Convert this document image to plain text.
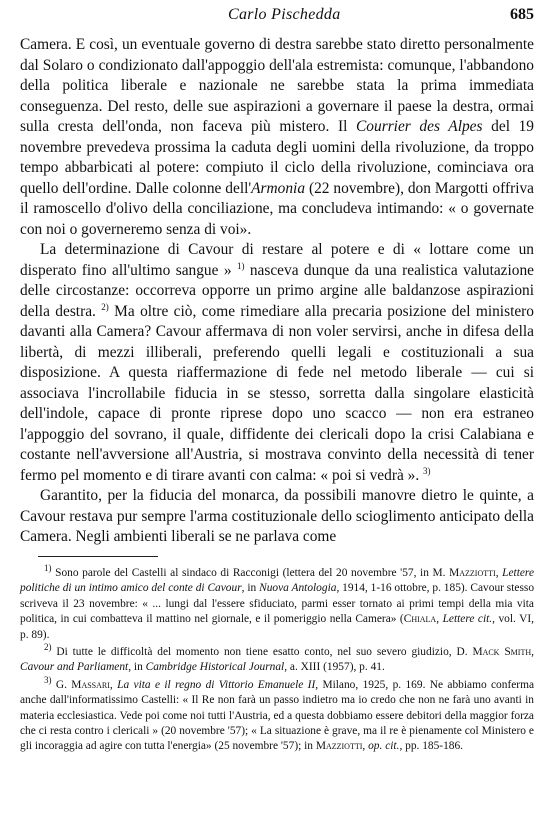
Carlo Pischedda	685

Camera. E così, un eventuale governo di destra sarebbe stato diretto personalmente dal Solaro o condizionato dall'appoggio dell'ala estremista: comunque, l'abbandono della politica liberale e nazionale ne sarebbe stata la prima immediata conseguenza. Del resto, delle sue aspirazioni a governare il paese la destra, ormai sulla cresta dell'onda, non faceva più mistero. Il Courrier des Alpes del 19 novembre prevedeva prossima la caduta degli uomini della rivoluzione, da troppo tempo abbarbicati al potere: compiuto il ciclo della rivoluzione, cominciava ora quello dell'ordine. Dalle colonne dell'Armonia (22 novembre), don Margotti offriva il ramoscello d'olivo della conciliazione, ma concludeva intimando: « o governate con noi o governeremo senza di voi».

La determinazione di Cavour di restare al potere e di « lottare come un disperato fino all'ultimo sangue » $^{1)}$ nasceva dunque da una realistica valutazione delle circostanze: occorreva opporre un primo argine alle baldanzose aspirazioni della destra. $^{2)}$ Ma oltre ciò, come rimediare alla precaria posizione del ministero davanti alla Camera? Cavour affermava di non voler servirsi, anche in difesa della libertà, di mezzi illiberali, preferendo quelli legali e costituzionali a sua disposizione. A questa riaffermazione di fede nel metodo liberale — cui si associava l'incrollabile fiducia in se stesso, sorretta dalla singolare elasticità dell'indole, capace di pronte riprese dopo uno scacco — non era estraneo l'appoggio del sovrano, il quale, diffidente dei clericali dopo la crisi Calabiana e costante nell'avversione all'Austria, si mostrava convinto della necessità di tener fermo pel momento e di tirare avanti con calma: « poi si vedrà ». $^{3)}$

Garantito, per la fiducia del monarca, da possibili manovre dietro le quinte, a Cavour restava pur sempre l'arma costituzionale dello scioglimento anticipato della Camera. Negli ambienti liberali se ne parlava come

$^{1)}$ Sono parole del Castelli al sindaco di Racconigi (lettera del 20 novembre '57, in M. Mazziotti, Lettere politiche di un intimo amico del conte di Cavour, in Nuova Antologia, 1914, 1-16 ottobre, p. 185). Cavour stesso scriveva il 23 novembre: « ... lungi dal l'essere sfiduciato, parmi esser tornato ai primi tempi della mia vita politica, in cui combatteva il mattino nel giornale, e il pomeriggio nella Camera» (Chiala, Lettere cit., vol. VI, p. 89).

$^{2)}$ Di tutte le difficoltà del momento non tiene esatto conto, nel suo severo giudizio, D. Mack Smith, Cavour and Parliament, in Cambridge Historical Journal, a. XIII (1957), p. 41.

$^{3)}$ G. Massari, La vita e il regno di Vittorio Emanuele II, Milano, 1925, p. 169. Ne abbiamo conferma anche dall'informatissimo Castelli: « Il Re non farà un passo indietro ma io credo che non ne farà uno avanti in materia ecclesiastica. Vede poi come noi tutti l'Austria, ed a questa dobbiamo essere debitori della maggior forza che ci resta contro i clericali » (20 novembre '57); « La situazione è grave, ma il re è pienamente col Ministero e gli incoraggia ad agire con tutta l'energia» (25 novembre '57); in Mazziotti, op. cit., pp. 185-186.
